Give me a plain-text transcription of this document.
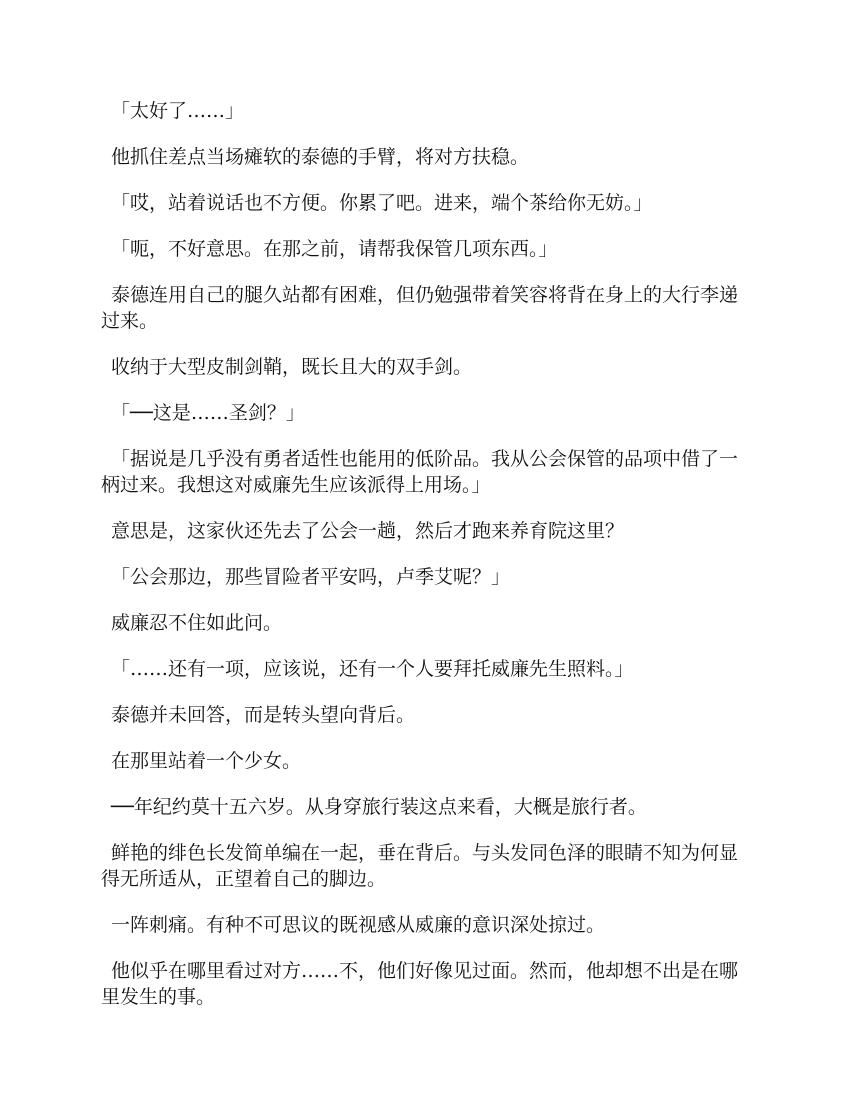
「太好了……」

他抓住差点当场瘫软的泰德的手臂，将对方扶稳。

「哎，站着说话也不方便。你累了吧。进来，端个茶给你无妨。」

「呃，不好意思。在那之前，请帮我保管几项东西。」

泰德连用自己的腿久站都有困难，但仍勉强带着笑容将背在身上的大行李递过来。

收纳于大型皮制剑鞘，既长且大的双手剑。

「──这是……圣剑？」

「据说是几乎没有勇者适性也能用的低阶品。我从公会保管的品项中借了一柄过来。我想这对威廉先生应该派得上用场。」

意思是，这家伙还先去了公会一趟，然后才跑来养育院这里？

「公会那边，那些冒险者平安吗，卢季艾呢？」

威廉忍不住如此问。

「……还有一项，应该说，还有一个人要拜托威廉先生照料。」

泰德并未回答，而是转头望向背后。

在那里站着一个少女。

──年纪约莫十五六岁。从身穿旅行装这点来看，大概是旅行者。

鲜艳的绯色长发简单编在一起，垂在背后。与头发同色泽的眼睛不知为何显得无所适从，正望着自己的脚边。

一阵刺痛。有种不可思议的既视感从威廉的意识深处掠过。

他似乎在哪里看过对方……不，他们好像见过面。然而，他却想不出是在哪里发生的事。
